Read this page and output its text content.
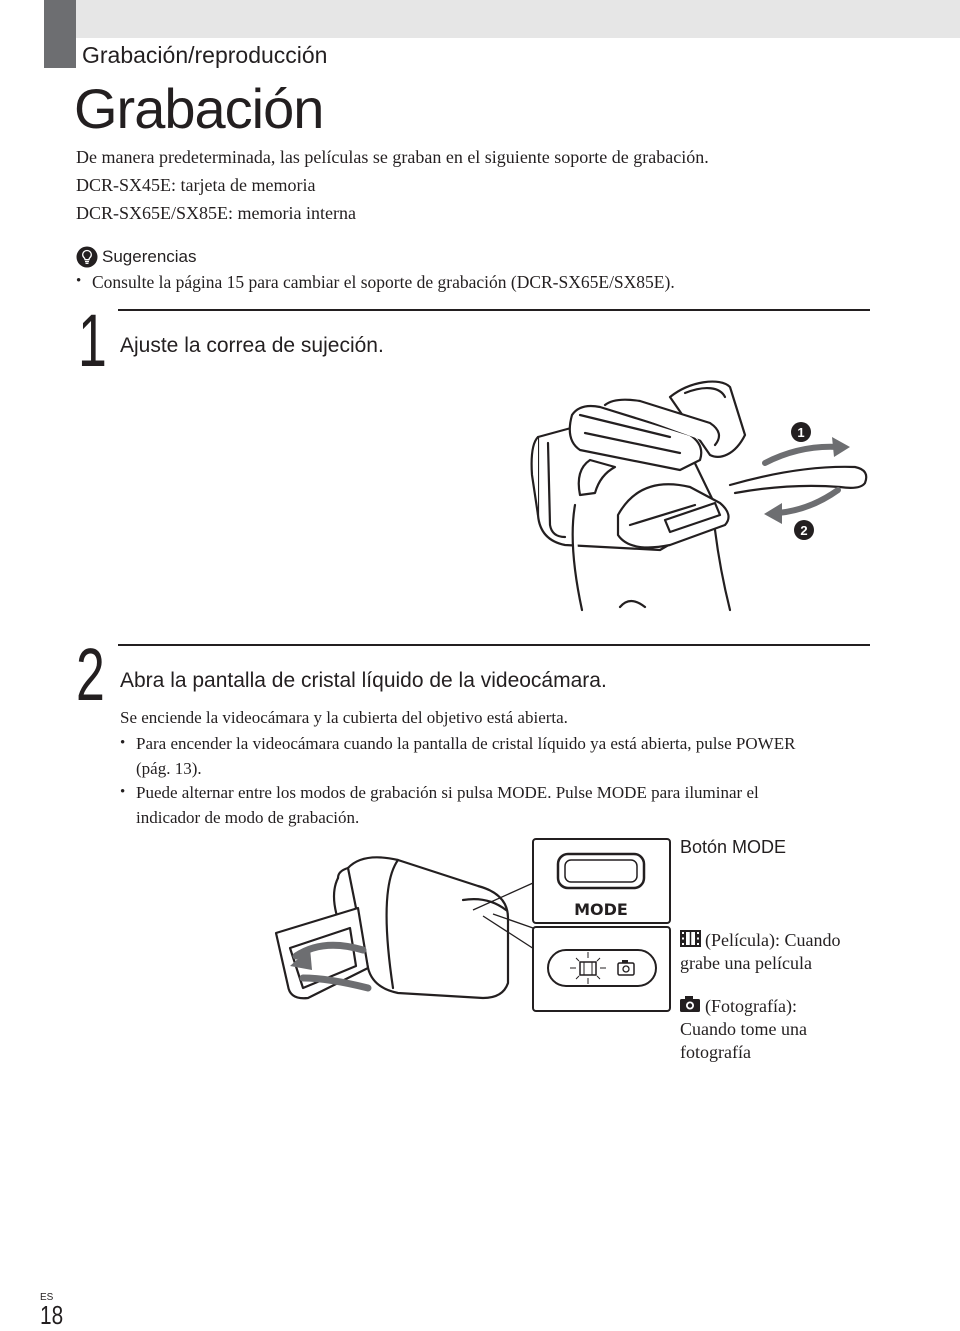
Grabación/reproducción
Grabación
De manera predeterminada, las películas se graban en el siguiente soporte de grabación.
DCR-SX45E: tarjeta de memoria
DCR-SX65E/SX85E: memoria interna
Sugerencias
• Consulte la página 15 para cambiar el soporte de grabación (DCR-SX65E/SX85E).
1 Ajuste la correa de sujeción.
1
2
2 Abra la pantalla de cristal líquido de la videocámara.
Se enciende la videocámara y la cubierta del objetivo está abierta.
• Para encender la videocámara cuando la pantalla de cristal líquido ya está abierta, pulse POWER
(pág. 13).
• Puede alternar entre los modos de grabación si pulsa MODE. Pulse MODE para iluminar el
indicador de modo de grabación.
MODE
Botón MODE
(Película): Cuando
grabe una película
(Fotografía):
Cuando tome una
fotografía
ES
18
